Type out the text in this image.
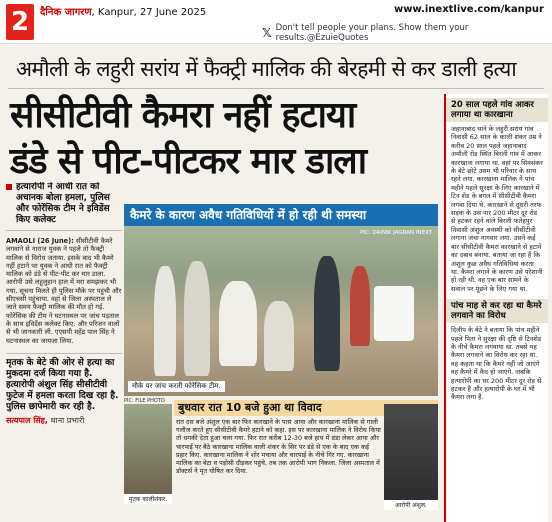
2	दैनिक जागरण, Kanpur, 27 June 2025	www.inextlive.com/kanpur
𝕏 Don't tell people your plans. Show them your results.@EzuieQuotes
अमौली के लहुरी सरांय में फैक्ट्री मालिक की बेरहमी से कर डाली हत्या
सीसीटीवी कैमरा नहीं हटाया
डंडे से पीट-पीटकर मार डाला
हत्यारोपी ने आधी रात को अचानक बोला हमला, पुलिस और फोरेंसिक टीम ने इविडेंस किए कलेक्ट
AMAOLI (26 June): सीसीटीवी कैमरे लगवाने से नाराज युवक ने पहले तो फैक्ट्री मालिक से विरोध जताया. इसके बाद भी कैमरे नहीं हटाने पर युवक ने आधी रात को फैक्ट्री मालिक को डंडे से पीट-पीट कर मार डाला. आरोपी उसे लहूलुहान हाल में मरा समझकर भी गया. सूचना मिलते ही पुलिस मौके पर पहुंची और सीएचसी पहुंचाया. वहां से जिला अस्पताल ले जाते समय फैक्ट्री मालिक की मौत हो गई. फोरेंसिक की टीम ने घटनास्थल पर जांच पड़ताल के साथ इविडेंस कलेक्ट किए. और परिजन वालों से भी जानकारी ली. एएसपी महेंद्र पाल सिंह ने घटनास्थल का जायजा लिया.
मृतक के बेटे की ओर से हत्या का मुकदमा दर्ज किया गया है. हत्यारोपी अंशुल सिंह सीसीटीवी फुटेज में हमला करता दिख रहा है. पुलिस छापेमारी कर रही है.
सत्यपाल सिंह, थाना प्रभारी
कैमरे के कारण अवैध गतिविधियों में हो रही थी समस्या
PIC: DAINIK JAGRAN INEXT
मौके पर जांच करती फोरेंसिक टीम.
PIC: FILE PHOTO
मृतक कालीशंकर.
बुधवार रात 10 बजे हुआ था विवाद
रात दस बजे अंशुल एक बार फिर कारखाने के पास आया और कारखाना मालिक से गाली गलौज करते हुए सीसीटीवी कैमरे हटाने को कहा. इस पर कारखाना मालिक ने विरोध किया तो धमकी देता हुआ चला गया. फिर रात करीब 12-30 बजे हाथ में डंडा लेकर आया और चारपाई पर बैठे कारखाना मालिक वाली शंकर के सिर पर डंडे से एक के बाद एक कई प्रहार किए. कारखाना मालिक ने शोर मचाया और चारपाई के नीचे गिर गए. कारखाना मालिक का बेटा व पड़ोसी दौड़कर पहुंचे, तब तक आरोपी भाग निकला. जिला अस्पताल में डॉक्टर्स ने मृत घोषित कर दिया.
आरोपी अंशुल.
20 साल पहले गांव आकर लगाया था कारखाना
जहानाबाद थाने के लहुरी सराय गांव निवासी 62 साल के काली शंकर उम्र ने करीब 20 साल पहले जहानाबाद अमौली रोड स्थित बिरली गांव में आकर कारखाना लगाया था. वहां पर सिवसंकर के बेटे छोटे उसम भी परिवार के साथ रहने लगा. कारखाना मालिक ने पांच महीने पहले सुरक्षा के लिए कारखाने में टिन शेड के बगल में सीसीटीवी कैमरा लगवा दिया थे. कारखाने से दूसरी तरफ सड़क के उस पार 200 मीटर दूर रोड से हटकर रहने वाले बिरली फतेहपुर निवासी अंशुल अवस्थी को सीसीटीवी लगाना जंचा नागवार लगा. उसने कई बार सीसीटीवी कैमरा कारखाने से हटाने का दबाव बनाया. बताया जा रहा है कि अंशुल कुछ अवैध गतिविधियां करता था. कैमरा लगाने के कारण उसे परेशानी हो रही थी. वह एक बार सामने के सवाल पर पूछने के लिए गया था.
पांच माह से कर रहा था कैमरे लगवाने का विरोध
दिलीप के बेटे ने बताया कि पांच महीने पहले पिता ने सुरक्षा की दृष्टि से टिनशेड के नीचे कैमरा लगवाया था. तबसे यह कैमरा लगवाने का विरोध कर रहा था. वह कहता था कि कैमरे नहीं जो आएंगे वह कैमरे में कैद हो जाएंगे. जबकि हत्यारोपी का घर 200 मीटर दूर रोड से हटकर है और हत्यारोपी के घर में भी कैमरा लगा है.
